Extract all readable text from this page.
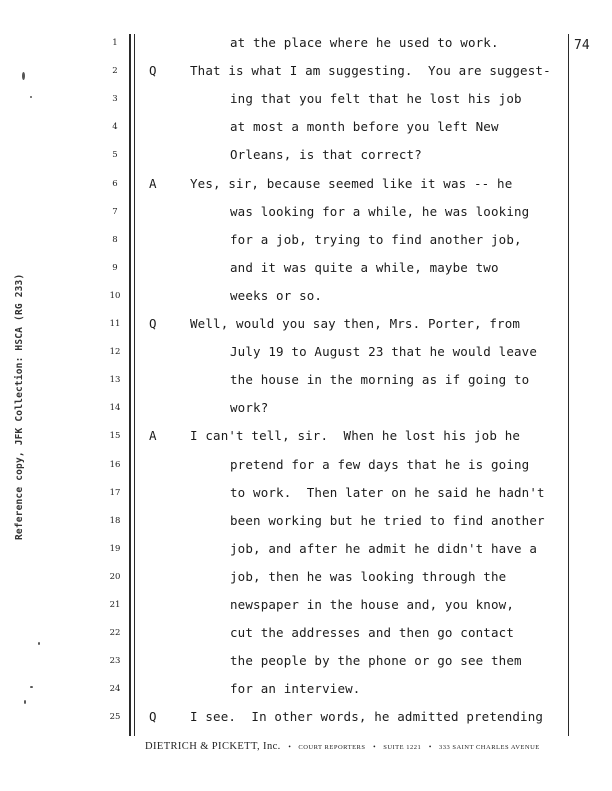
74
Reference copy, JFK Collection: HSCA (RG 233)
1	at the place where he used to work.
2	Q	That is what I am suggesting.  You are suggest-
3	ing that you felt that he lost his job
4	at most a month before you left New
5	Orleans, is that correct?
6	A	Yes, sir, because seemed like it was -- he
7	was looking for a while, he was looking
8	for a job, trying to find another job,
9	and it was quite a while, maybe two
10	weeks or so.
11	Q	Well, would you say then, Mrs. Porter, from
12	July 19 to August 23 that he would leave
13	the house in the morning as if going to
14	work?
15	A	I can't tell, sir.  When he lost his job he
16	pretend for a few days that he is going
17	to work.  Then later on he said he hadn't
18	been working but he tried to find another
19	job, and after he admit he didn't have a
20	job, then he was looking through the
21	newspaper in the house and, you know,
22	cut the addresses and then go contact
23	the people by the phone or go see them
24	for an interview.
25	Q	I see.  In other words, he admitted pretending
DIETRICH & PICKETT, Inc. • COURT REPORTERS • SUITE 1221 • 333 SAINT CHARLES AVENUE
